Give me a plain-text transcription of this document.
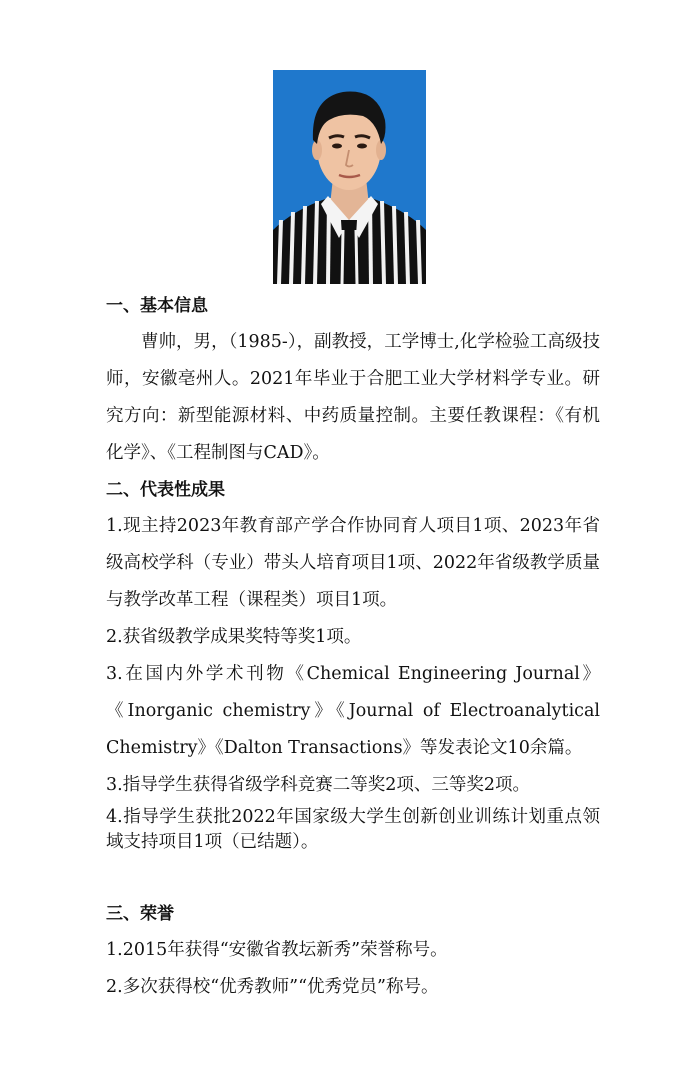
一、基本信息

曹帅，男，（1985-），副教授，工学博士,化学检验工高级技师，安徽亳州人。2021年毕业于合肥工业大学材料学专业。研究方向：新型能源材料、中药质量控制。主要任教课程：《有机化学》、《工程制图与CAD》。

二、代表性成果

1.现主持2023年教育部产学合作协同育人项目1项、2023年省级高校学科（专业）带头人培育项目1项、2022年省级教学质量与教学改革工程（课程类）项目1项。

2.获省级教学成果奖特等奖1项。

3.在国内外学术刊物《Chemical Engineering Journal》《Inorganic chemistry》《Journal of Electroanalytical Chemistry》《Dalton Transactions》等发表论文10余篇。

3.指导学生获得省级学科竞赛二等奖2项、三等奖2项。

4.指导学生获批2022年国家级大学生创新创业训练计划重点领域支持项目1项（已结题）。

三、荣誉

1.2015年获得“安徽省教坛新秀”荣誉称号。

2.多次获得校“优秀教师”“优秀党员”称号。
